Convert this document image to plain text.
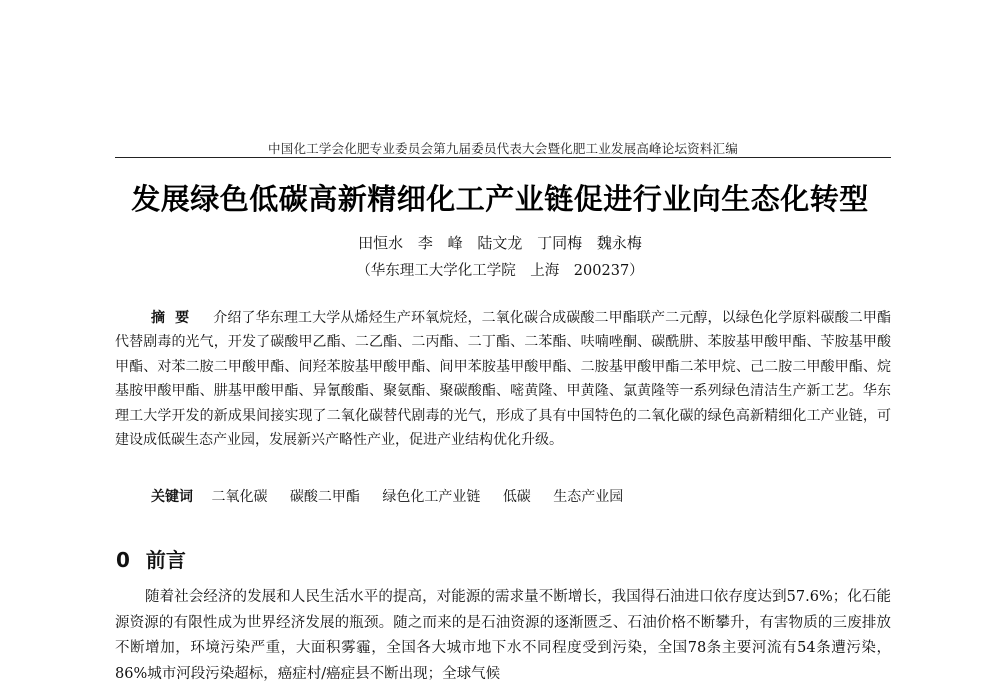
中国化工学会化肥专业委员会第九届委员代表大会暨化肥工业发展高峰论坛资料汇编
发展绿色低碳高新精细化工产业链促进行业向生态化转型
田恒水 李 峰 陆文龙 丁同梅 魏永梅
（华东理工大学化工学院　上海　200237）
摘要 介绍了华东理工大学从烯烃生产环氧烷烃，二氧化碳合成碳酸二甲酯联产二元醇，以绿色化学原料碳酸二甲酯代替剧毒的光气，开发了碳酸甲乙酯、二乙酯、二丙酯、二丁酯、二苯酯、呋喃唑酮、碳酰肼、苯胺基甲酸甲酯、苄胺基甲酸甲酯、对苯二胺二甲酸甲酯、间羟苯胺基甲酸甲酯、间甲苯胺基甲酸甲酯、二胺基甲酸甲酯二苯甲烷、己二胺二甲酸甲酯、烷基胺甲酸甲酯、肼基甲酸甲酯、异氰酸酯、聚氨酯、聚碳酸酯、嘧黄隆、甲黄隆、氯黄隆等一系列绿色清洁生产新工艺。华东理工大学开发的新成果间接实现了二氧化碳替代剧毒的光气，形成了具有中国特色的二氧化碳的绿色高新精细化工产业链，可建设成低碳生态产业园，发展新兴产略性产业，促进产业结构优化升级。
关键词 二氧化碳 碳酸二甲酯 绿色化工产业链 低碳 生态产业园
0 前言
随着社会经济的发展和人民生活水平的提高，对能源的需求量不断增长，我国得石油进口依存度达到57.6%；化石能源资源的有限性成为世界经济发展的瓶颈。随之而来的是石油资源的逐渐匮乏、石油价格不断攀升，有害物质的三废排放不断增加，环境污染严重，大面积雾霾，全国各大城市地下水不同程度受到污染，全国78条主要河流有54条遭污染，86%城市河段污染超标，癌症村/癌症县不断出现；全球气候
